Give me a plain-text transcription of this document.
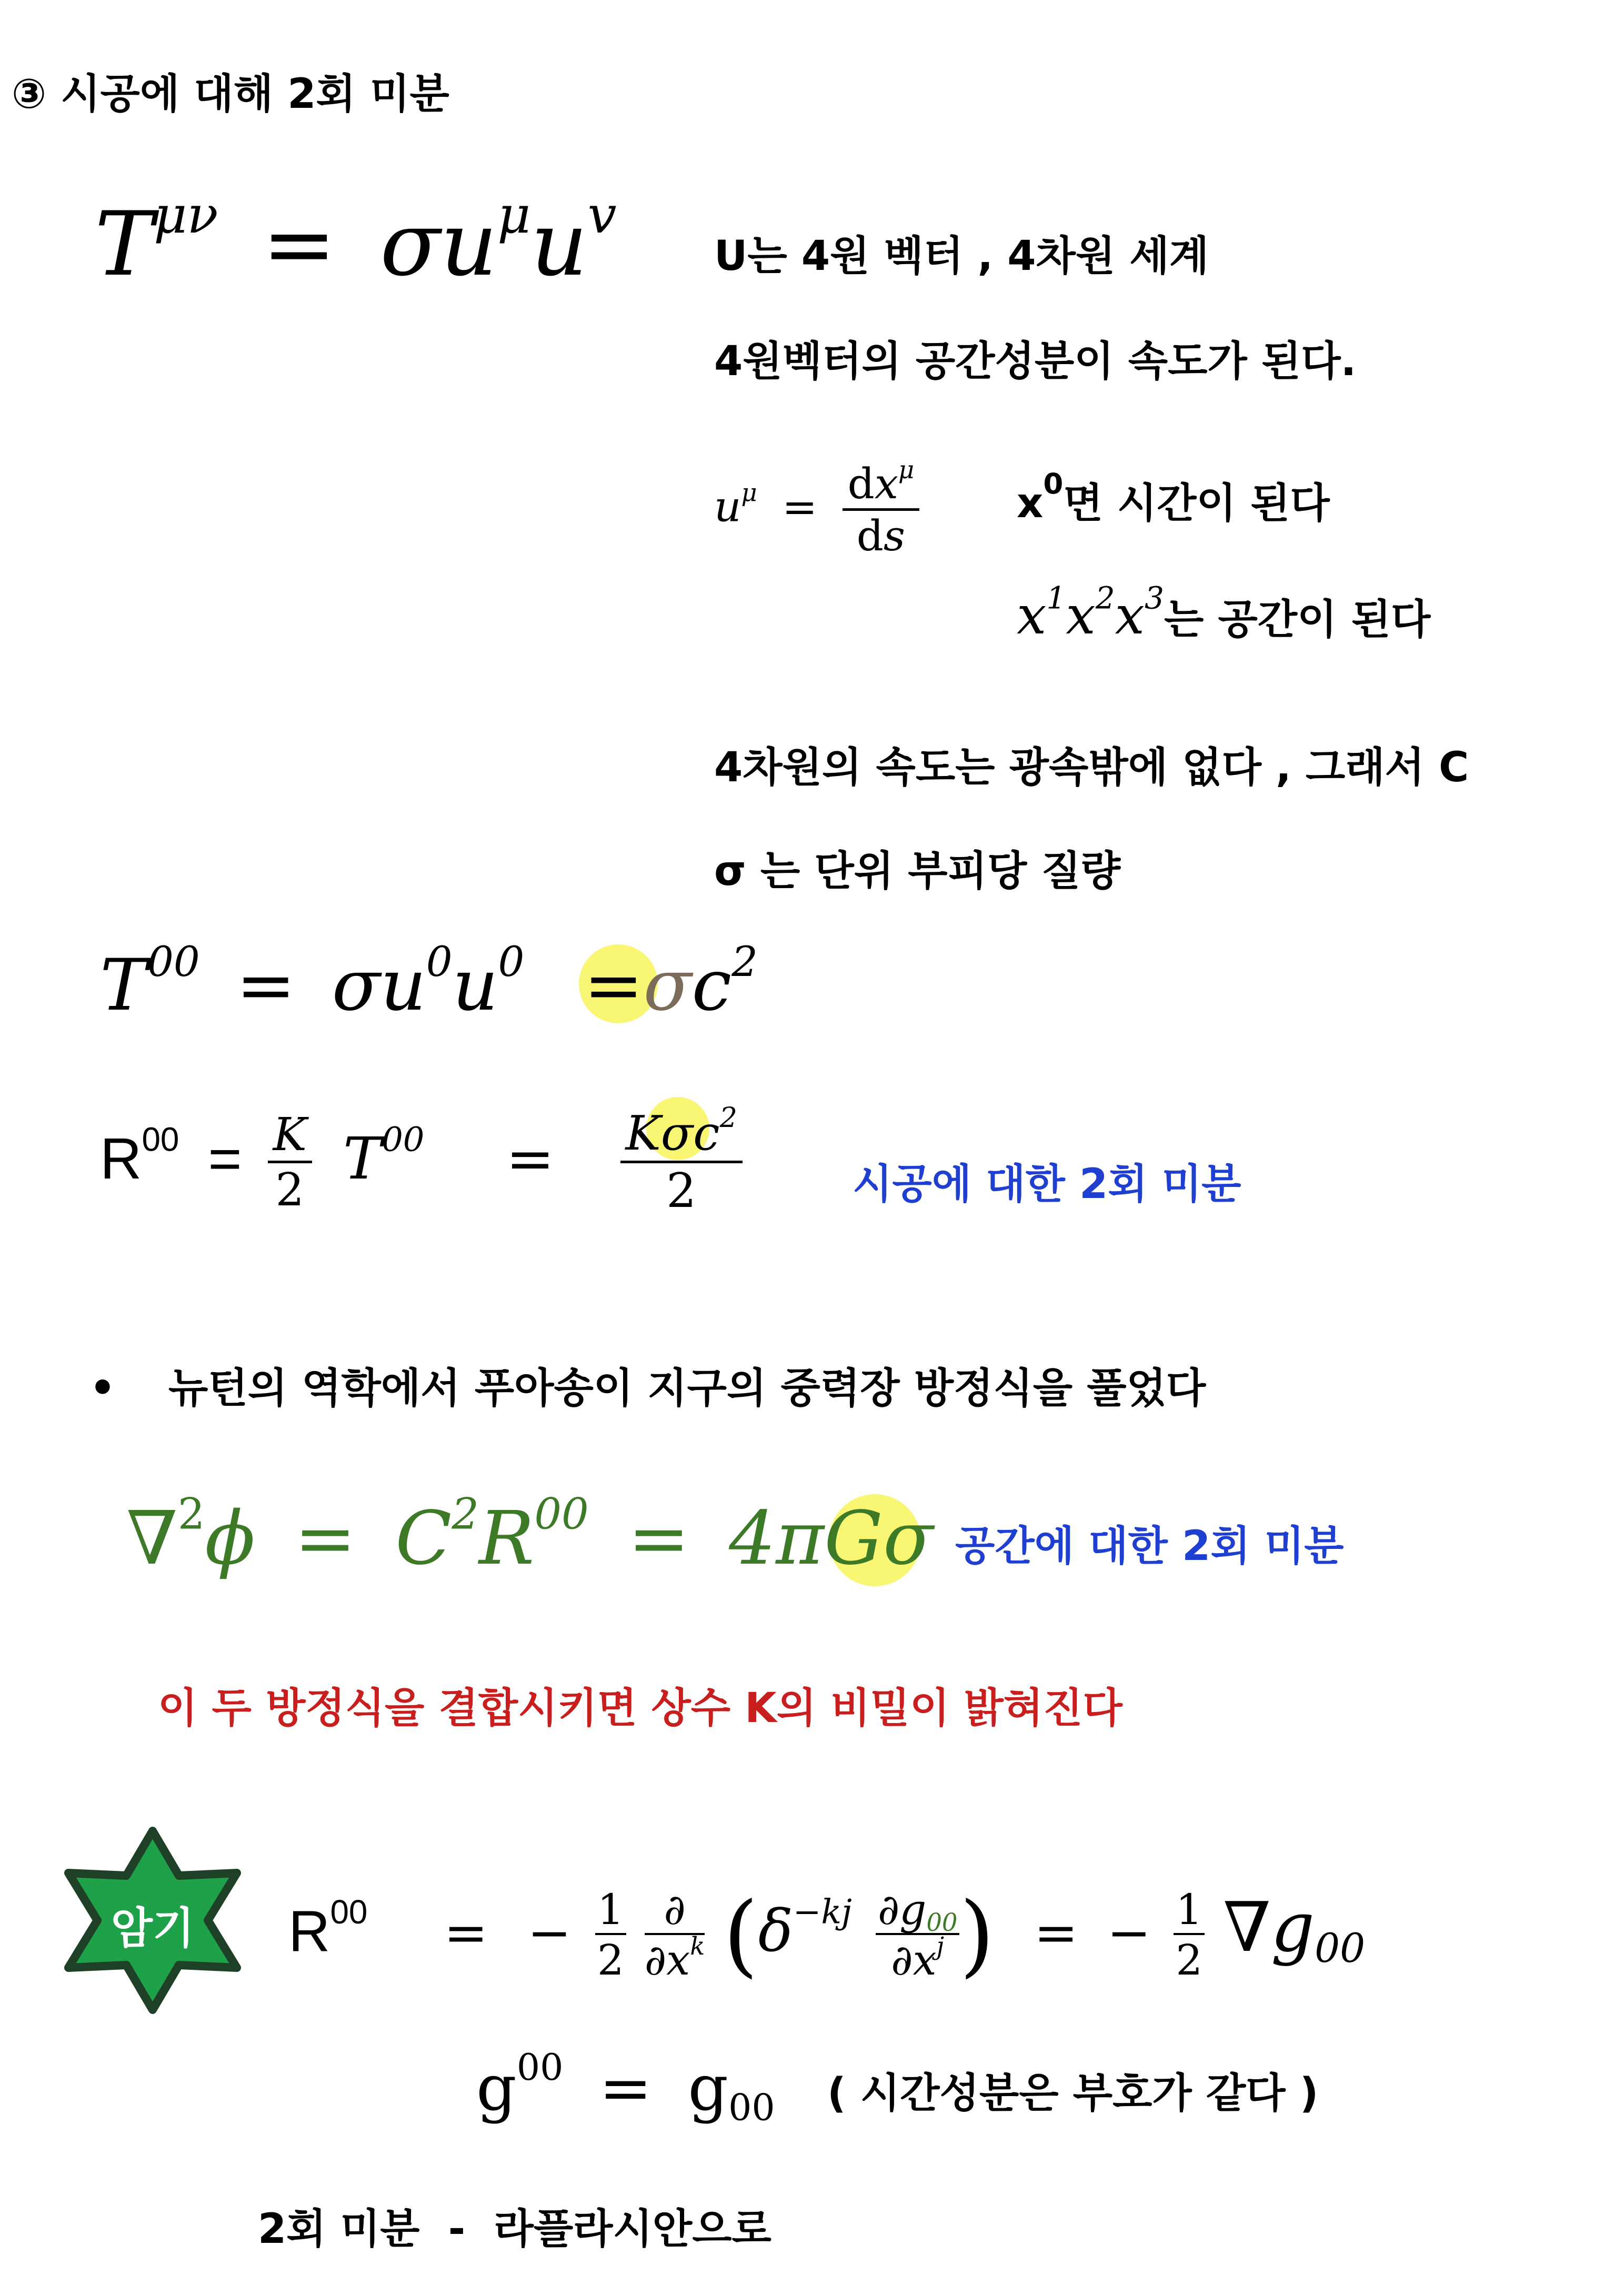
③ 시공에 대해 2회 미분
$T^{\mu\nu} = \sigma u^\mu u^v$
U는 4원 벡터 , 4차원 세계
4원벡터의 공간성분이 속도가 된다.
$u^\mu = \frac{dx^\mu}{ds} x^0$면 시간이 된다
$x^1x^2x^3$는 공간이 된다
4차원의 속도는 광속밖에 없다 , 그래서 C
σ 는 단위 부피당 질량
$T^{00} = \sigma u^0u^0 =\sigma c^2$
$R^{00} = \frac{K}{2} T^{00} = \frac{K\sigma c^2}{2}$	시공에 대한 2회 미분
• 뉴턴의 역학에서 푸아송이 지구의 중력장 방정식을 풀었다
$\nabla^2\phi = C^2R^{00} = 4\pi G\sigma$ 공간에 대한 2회 미분
이 두 방정식을 결합시키면 상수 K의 비밀이 밝혀진다
암기	$R^{00}$ = − $\frac{1}{2}$
$\frac{\partial}{\partial x^k} (\delta^{-kj} \frac{\partial g_{00}}{\partial x^j}$ ) = − $\frac{1}{2} \nabla g_{00}$
$g^{00} = g_{00}$ ( 시간성분은 부호가 같다 )
2회 미분  -  라플라시안으로
